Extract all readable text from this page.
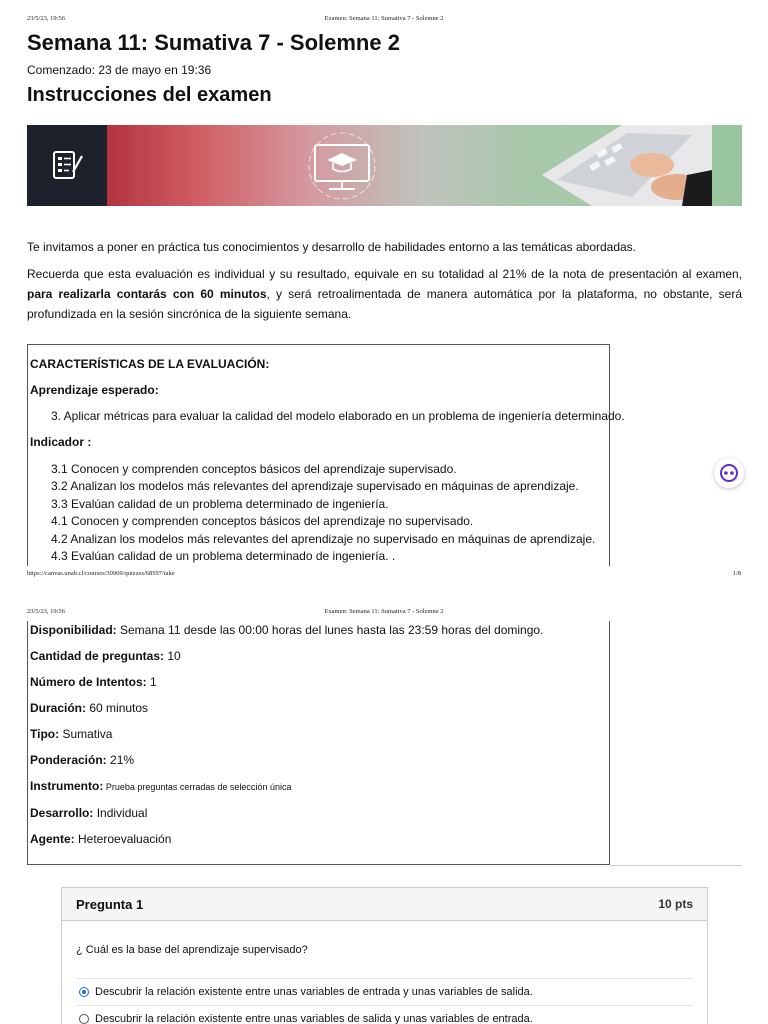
23/5/23, 19:56	Examen: Semana 11: Sumativa 7 - Solemne 2
Semana 11: Sumativa 7 - Solemne 2
Comenzado: 23 de mayo en 19:36
Instrucciones del examen
Te invitamos a poner en práctica tus conocimientos y desarrollo de habilidades entorno a las temáticas abordadas.
Recuerda que esta evaluación es individual y su resultado, equivale en su totalidad al 21% de la nota de presentación al examen, para realizarla contarás con 60 minutos, y será retroalimentada de manera automática por la plataforma, no obstante, será profundizada en la sesión sincrónica de la siguiente semana.
CARACTERÍSTICAS DE LA EVALUACIÓN:
Aprendizaje esperado:
3. Aplicar métricas para evaluar la calidad del modelo elaborado en un problema de ingeniería determinado.
Indicador :
3.1 Conocen y comprenden conceptos básicos del aprendizaje supervisado.
3.2 Analizan los modelos más relevantes del aprendizaje supervisado en máquinas de aprendizaje.
3.3 Evalúan calidad de un problema determinado de ingeniería.
4.1 Conocen y comprenden conceptos básicos del aprendizaje no supervisado.
4.2 Analizan los modelos más relevantes del aprendizaje no supervisado en máquinas de aprendizaje.
4.3 Evalúan calidad de un problema determinado de ingeniería. .
https://canvas.unab.cl/courses/30969/quizzes/68597/take	1/8
23/5/23, 19:56	Examen: Semana 11: Sumativa 7 - Solemne 2
Disponibilidad: Semana 11 desde las 00:00 horas del lunes hasta las 23:59 horas del domingo.
Cantidad de preguntas: 10
Número de Intentos: 1
Duración: 60 minutos
Tipo: Sumativa
Ponderación: 21%
Instrumento: Prueba preguntas cerradas de selección única
Desarrollo: Individual
Agente: Heteroevaluación
Pregunta 1	10 pts
¿ Cuál es la base del aprendizaje supervisado?
Descubrir la relación existente entre unas variables de entrada y unas variables de salida.
Descubrir la relación existente entre unas variables de salida y unas variables de entrada.
